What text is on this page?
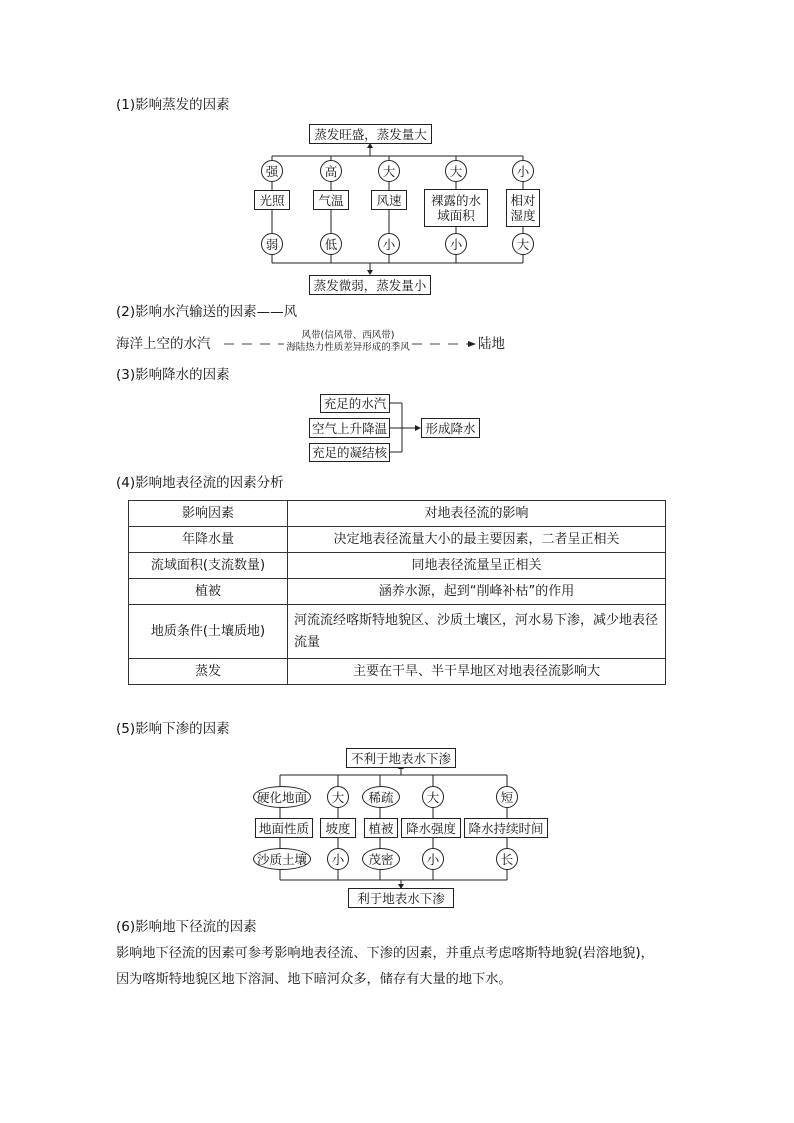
(1)影响蒸发的因素
蒸发旺盛，蒸发量大
强	高	大	大	小
光照	气温	风速	裸露的水域面积
相对湿度
弱	低	小	小	大
蒸发微弱，蒸发量小
(2)影响水汽输送的因素——风
海洋上空的水汽
风带(信风带、西风带)
海陆热力性质差异形成的季风	陆地
(3)影响降水的因素
充足的水汽
空气上升降温
充足的凝结核
形成降水
(4)影响地表径流的因素分析
影响因素	对地表径流的影响
年降水量	决定地表径流量大小的最主要因素，二者呈正相关
流域面积(支流数量)	同地表径流量呈正相关
植被	涵养水源，起到“削峰补枯”的作用
地质条件(土壤质地)	河流流经喀斯特地貌区、沙质土壤区，河水易下渗，减少地表径流量
蒸发	主要在干旱、半干旱地区对地表径流影响大
(5)影响下渗的因素
不利于地表水下渗
硬化地面	大	稀疏	大	短
地面性质	坡度	植被 降水强度 降水持续时间
沙质土壤	小	茂密	小	长
利于地表水下渗
(6)影响地下径流的因素
影响地下径流的因素可参考影响地表径流、下渗的因素，并重点考虑喀斯特地貌(岩溶地貌)，
因为喀斯特地貌区地下溶洞、地下暗河众多，储存有大量的地下水。
